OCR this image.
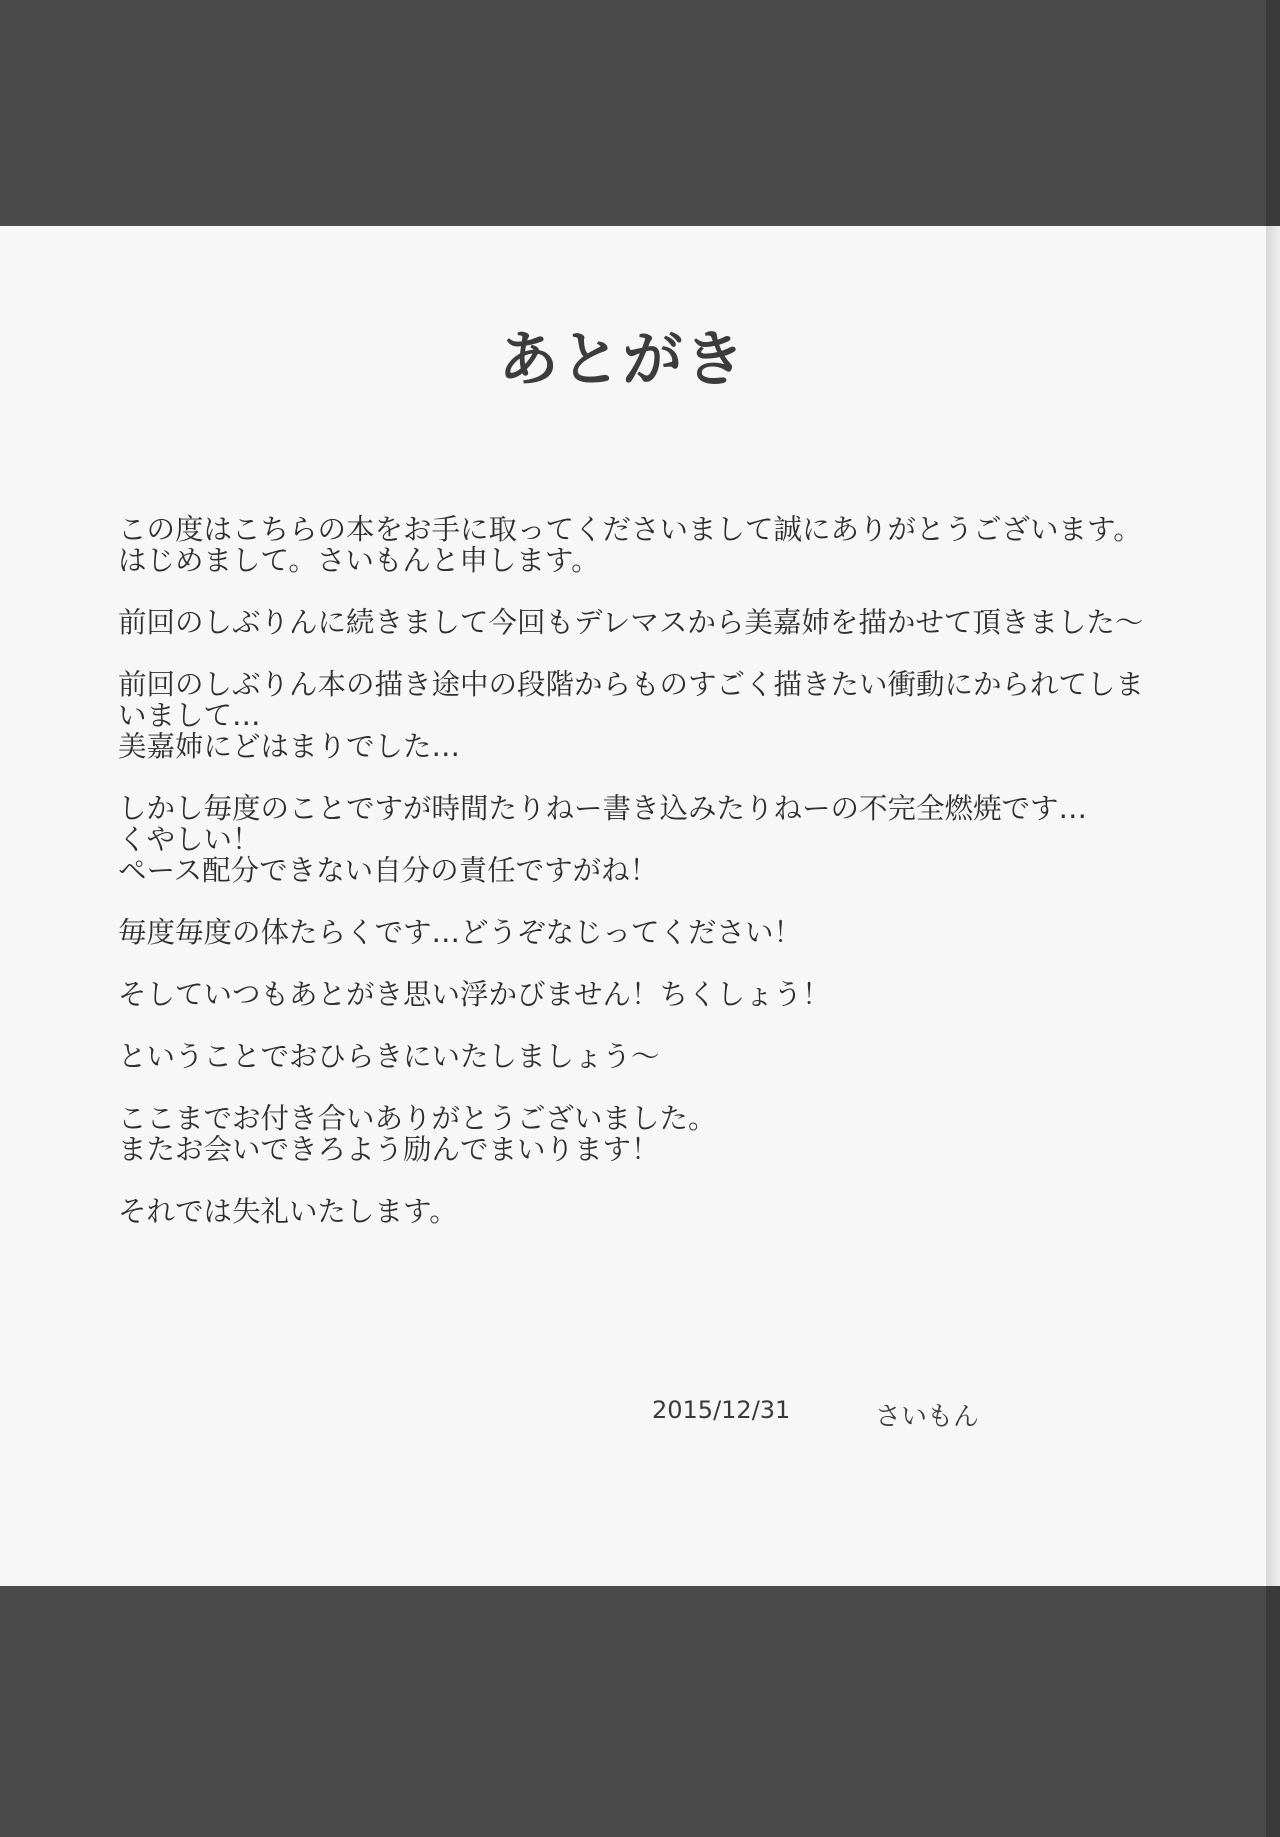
あとがき
この度はこちらの本をお手に取ってくださいまして誠にありがとうございます。
はじめまして。さいもんと申します。
前回のしぶりんに続きまして今回もデレマスから美嘉姉を描かせて頂きました～
前回のしぶりん本の描き途中の段階からものすごく描きたい衝動にかられてしま
いまして…
美嘉姉にどはまりでした…
しかし毎度のことですが時間たりねー書き込みたりねーの不完全燃焼です…
くやしい！
ペース配分できない自分の責任ですがね！
毎度毎度の体たらくです…どうぞなじってください！
そしていつもあとがき思い浮かびません！ちくしょう！
ということでおひらきにいたしましょう～
ここまでお付き合いありがとうございました。
またお会いできろよう励んでまいります！
それでは失礼いたします。
2015/12/31	さいもん
